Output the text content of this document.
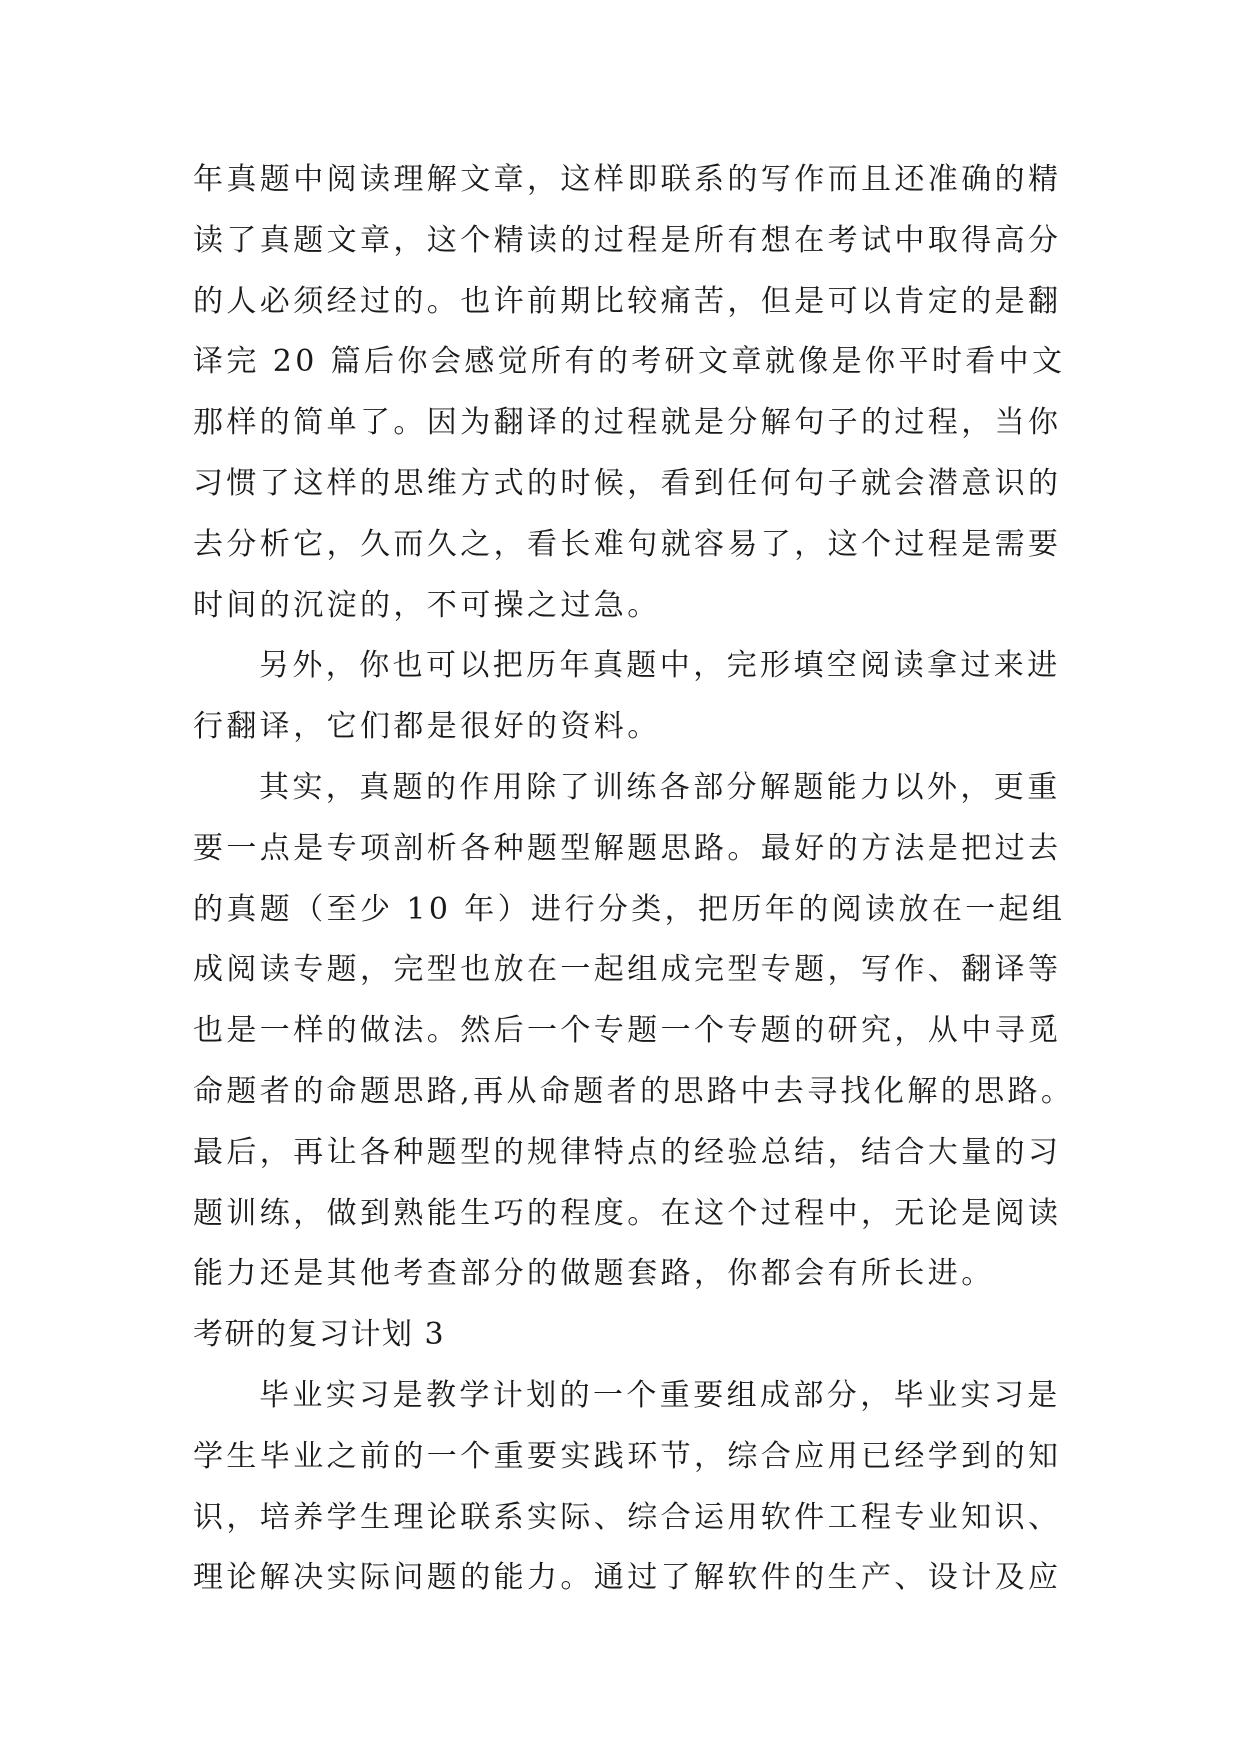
年真题中阅读理解文章，这样即联系的写作而且还准确的精
读了真题文章，这个精读的过程是所有想在考试中取得高分
的人必须经过的。也许前期比较痛苦，但是可以肯定的是翻
译完 20 篇后你会感觉所有的考研文章就像是你平时看中文
那样的简单了。因为翻译的过程就是分解句子的过程，当你
习惯了这样的思维方式的时候，看到任何句子就会潜意识的
去分析它，久而久之，看长难句就容易了，这个过程是需要
时间的沉淀的，不可操之过急。
另外，你也可以把历年真题中，完形填空阅读拿过来进
行翻译，它们都是很好的资料。
其实，真题的作用除了训练各部分解题能力以外，更重
要一点是专项剖析各种题型解题思路。最好的方法是把过去
的真题（至少 10 年）进行分类，把历年的阅读放在一起组
成阅读专题，完型也放在一起组成完型专题，写作、翻译等
也是一样的做法。然后一个专题一个专题的研究，从中寻觅
命题者的命题思路,再从命题者的思路中去寻找化解的思路。
最后，再让各种题型的规律特点的经验总结，结合大量的习
题训练，做到熟能生巧的程度。在这个过程中，无论是阅读
能力还是其他考查部分的做题套路，你都会有所长进。
考研的复习计划 3
毕业实习是教学计划的一个重要组成部分，毕业实习是
学生毕业之前的一个重要实践环节，综合应用已经学到的知
识，培养学生理论联系实际、综合运用软件工程专业知识、
理论解决实际问题的能力。通过了解软件的生产、设计及应
